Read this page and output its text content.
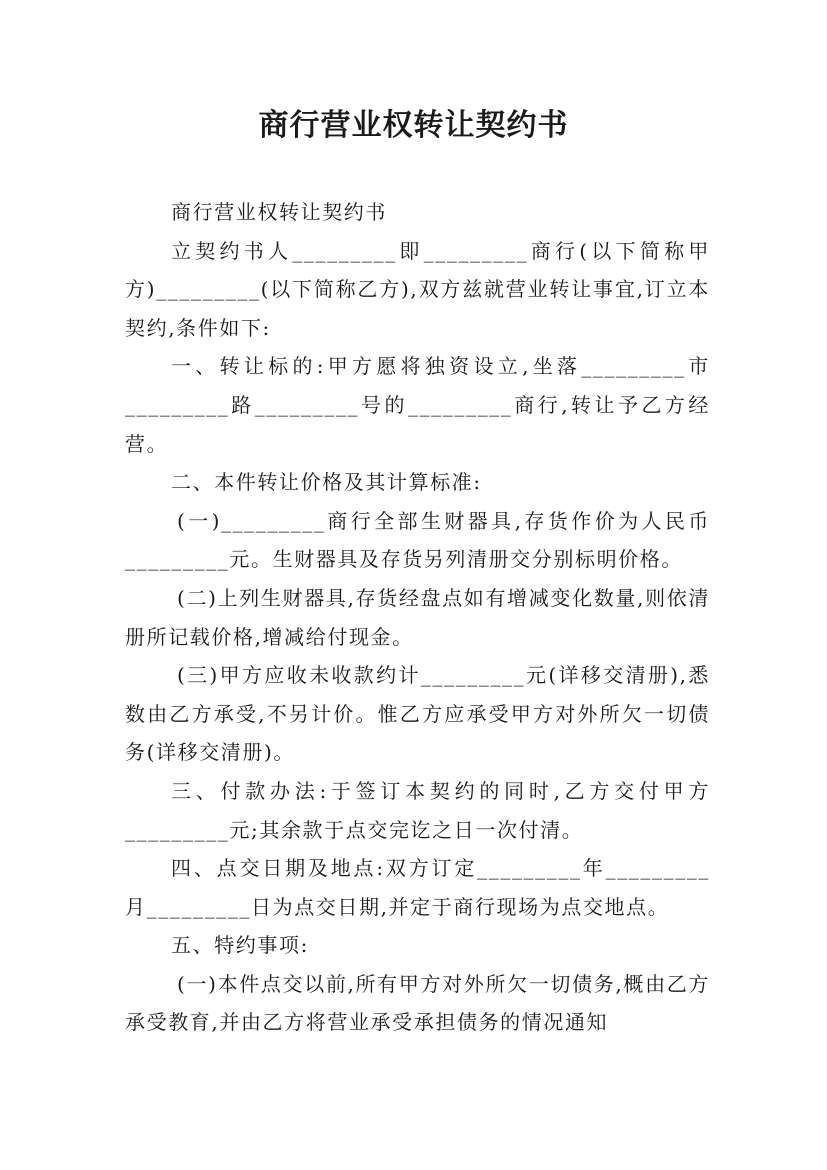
商行营业权转让契约书

商行营业权转让契约书

立契约书人_________即_________商行(以下简称甲方)_________(以下简称乙方),双方兹就营业转让事宜,订立本契约,条件如下:

一、转让标的:甲方愿将独资设立,坐落_________市_________路_________号的_________商行,转让予乙方经营。

二、本件转让价格及其计算标准:

(一)_________商行全部生财器具,存货作价为人民币_________元。生财器具及存货另列清册交分别标明价格。

(二)上列生财器具,存货经盘点如有增减变化数量,则依清册所记载价格,增减给付现金。

(三)甲方应收未收款约计_________元(详移交清册),悉数由乙方承受,不另计价。惟乙方应承受甲方对外所欠一切债务(详移交清册)。

三、付款办法:于签订本契约的同时,乙方交付甲方_________元;其余款于点交完讫之日一次付清。

四、点交日期及地点:双方订定_________年_________月_________日为点交日期,并定于商行现场为点交地点。

五、特约事项:

(一)本件点交以前,所有甲方对外所欠一切债务,概由乙方承受教育,并由乙方将营业承受承担债务的情况通知
